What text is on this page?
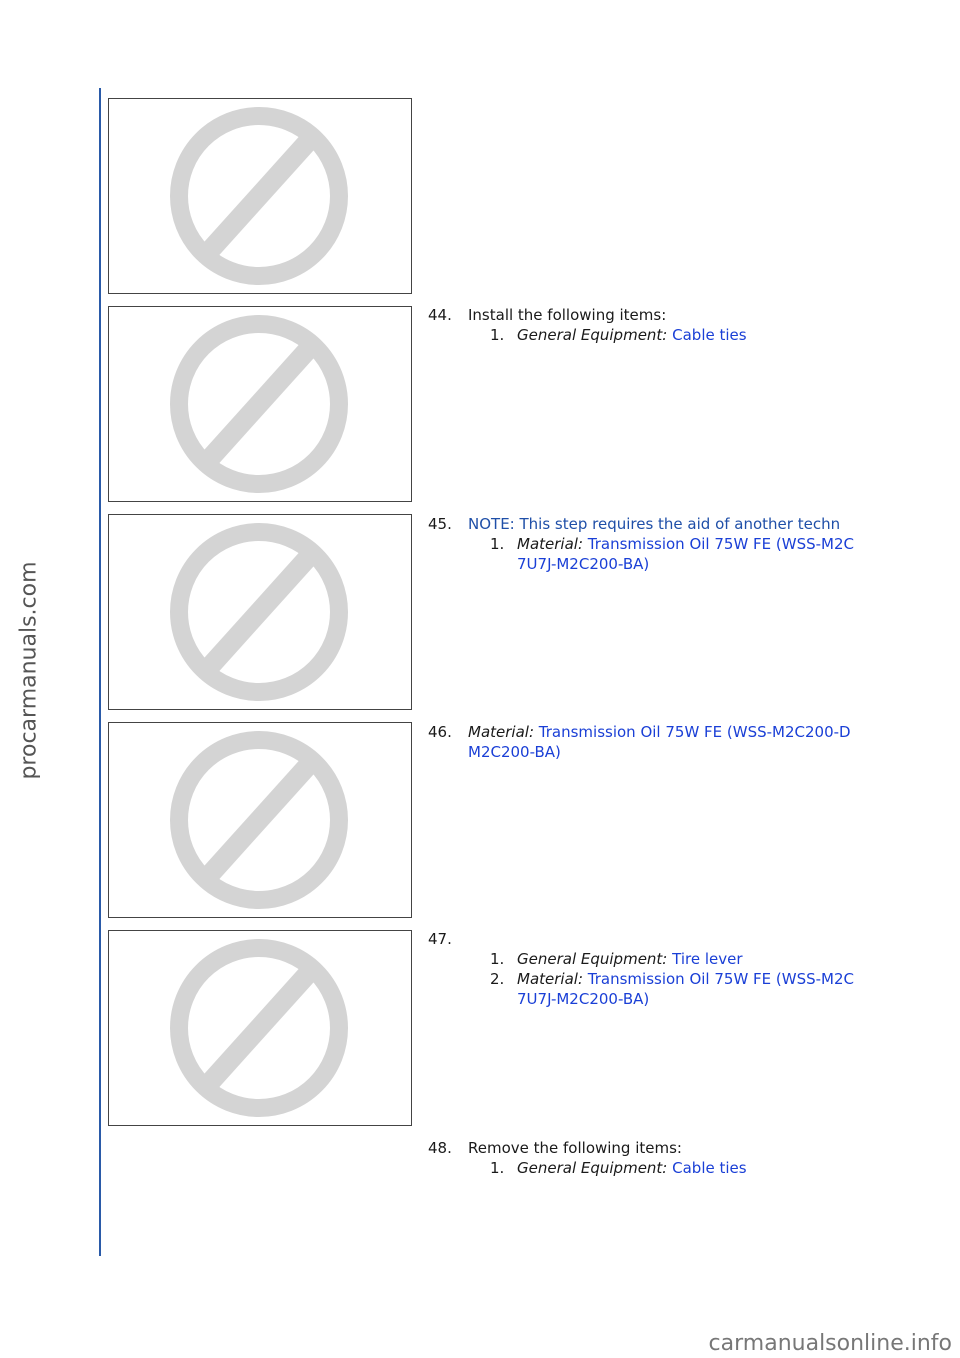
procarmanuals.com
44.	Install the following items:
1. General Equipment: Cable ties
45.	NOTE: This step requires the aid of another techn
1. Material: Transmission Oil 75W FE (WSS-M2C
7U7J-M2C200-BA)
46.	Material: Transmission Oil 75W FE (WSS-M2C200-D
M2C200-BA)
47.
1. General Equipment: Tire lever
2. Material: Transmission Oil 75W FE (WSS-M2C
7U7J-M2C200-BA)
48.	Remove the following items:
1. General Equipment: Cable ties
carmanualsonline.info
